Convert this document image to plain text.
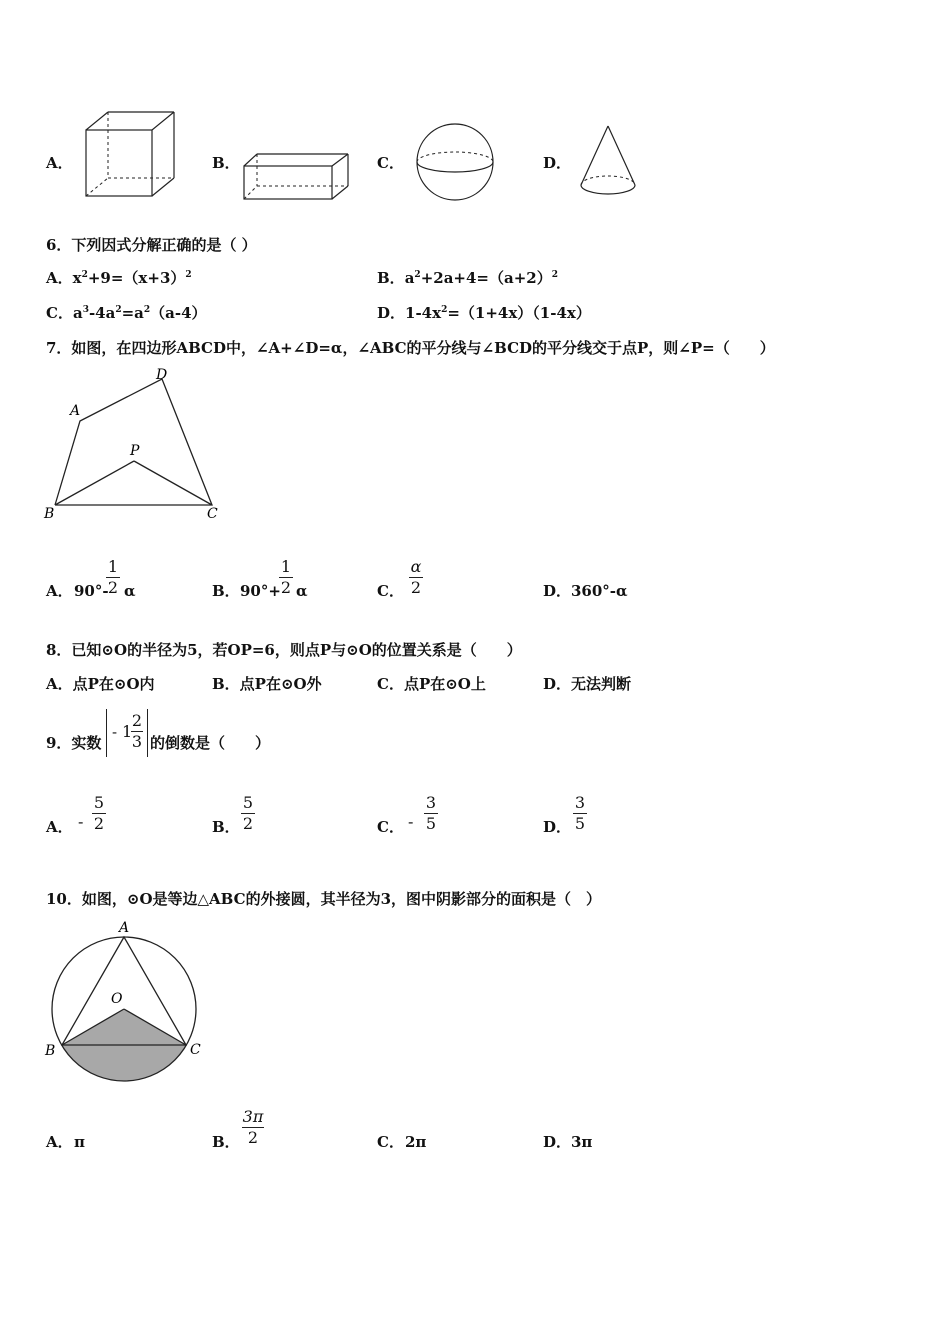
A．	B．	C．	D．
6．下列因式分解正确的是（ ）
A．$x^2+9=(x+3)^2$	B．$a^2+2a+4=(a+2)^2$
C．$a^3-4a^2=a^2(a-4)$	D．$1-4x^2=(1+4x)(1-4x)$
7．如图，在四边形ABCD中，∠A+∠D=α，∠ABC的平分线与∠BCD的平分线交于点P，则∠P=（　　）
A
D
P
B	C
A． 90°-
1
2 α	B． 90°+
1
2 α	C．
α
2	D． 360°-α
8．已知⊙O的半径为5，若OP=6，则点P与⊙O的位置关系是（　　）
A．点P在⊙O内	B．点P在⊙O外	C．点P在⊙O上	D．无法判断
9．实数
- 1
2
3 的倒数是（　　）
A． -
5
2	B．
5
2	C． -
3
5	D．
3
5
10．如图，⊙O是等边△ABC的外接圆，其半径为3，图中阴影部分的面积是（　）
A
O
B	C
A． π	B．
3π
2	C． 2π	D． 3π
